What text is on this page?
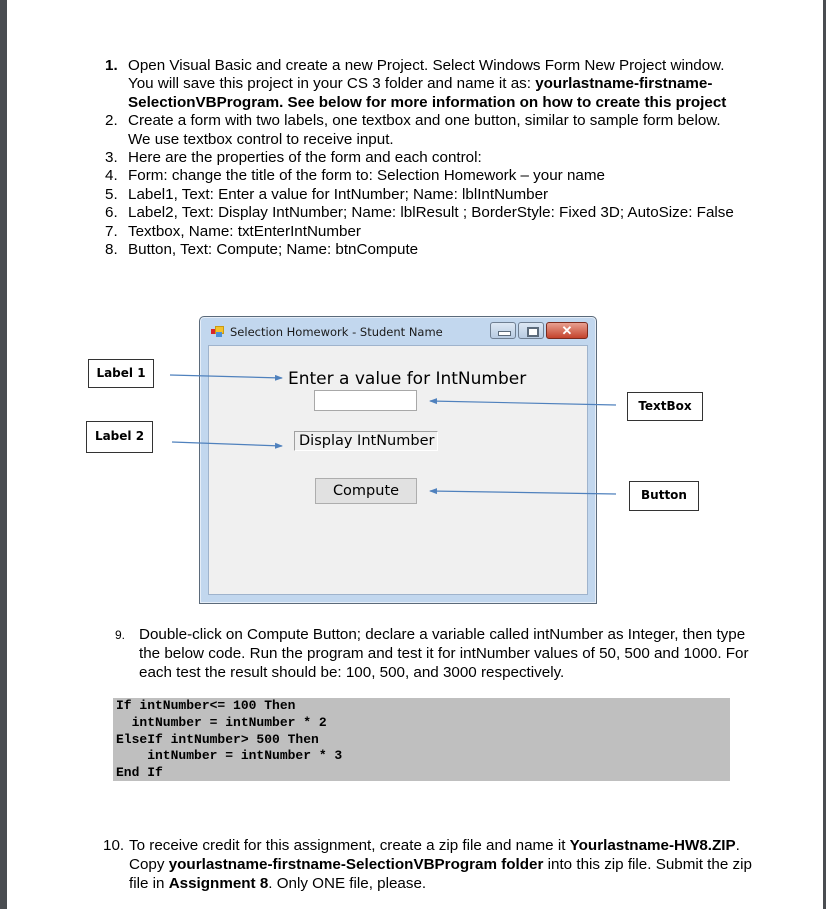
1. Open Visual Basic and create a new Project. Select Windows Form New Project window. You will save this project in your CS 3 folder and name it as: yourlastname-firstname-SelectionVBProgram. See below for more information on how to create this project
2. Create a form with two labels, one textbox and one button, similar to sample form below. We use textbox control to receive input.
3. Here are the properties of the form and each control:
4. Form: change the title of the form to: Selection Homework – your name
5. Label1, Text: Enter a value for IntNumber; Name: lblIntNumber
6. Label2, Text: Display IntNumber; Name: lblResult ; BorderStyle: Fixed 3D; AutoSize: False
7. Textbox, Name: txtEnterIntNumber
8. Button, Text: Compute; Name: btnCompute
Selection Homework - Student Name	✕
Enter a value for IntNumber
Display IntNumber
Compute
Label 1
Label 2
TextBox
Button
9. Double-click on Compute Button; declare a variable called intNumber as Integer, then type the below code. Run the program and test it for intNumber values of 50, 500 and 1000. For each test the result should be: 100, 500, and 3000 respectively.
If intNumber<= 100 Then
intNumber = intNumber * 2
ElseIf intNumber> 500 Then
intNumber = intNumber * 3
End If
10. To receive credit for this assignment, create a zip file and name it Yourlastname-HW8.ZIP. Copy yourlastname-firstname-SelectionVBProgram folder into this zip file. Submit the zip file in Assignment 8. Only ONE file, please.
